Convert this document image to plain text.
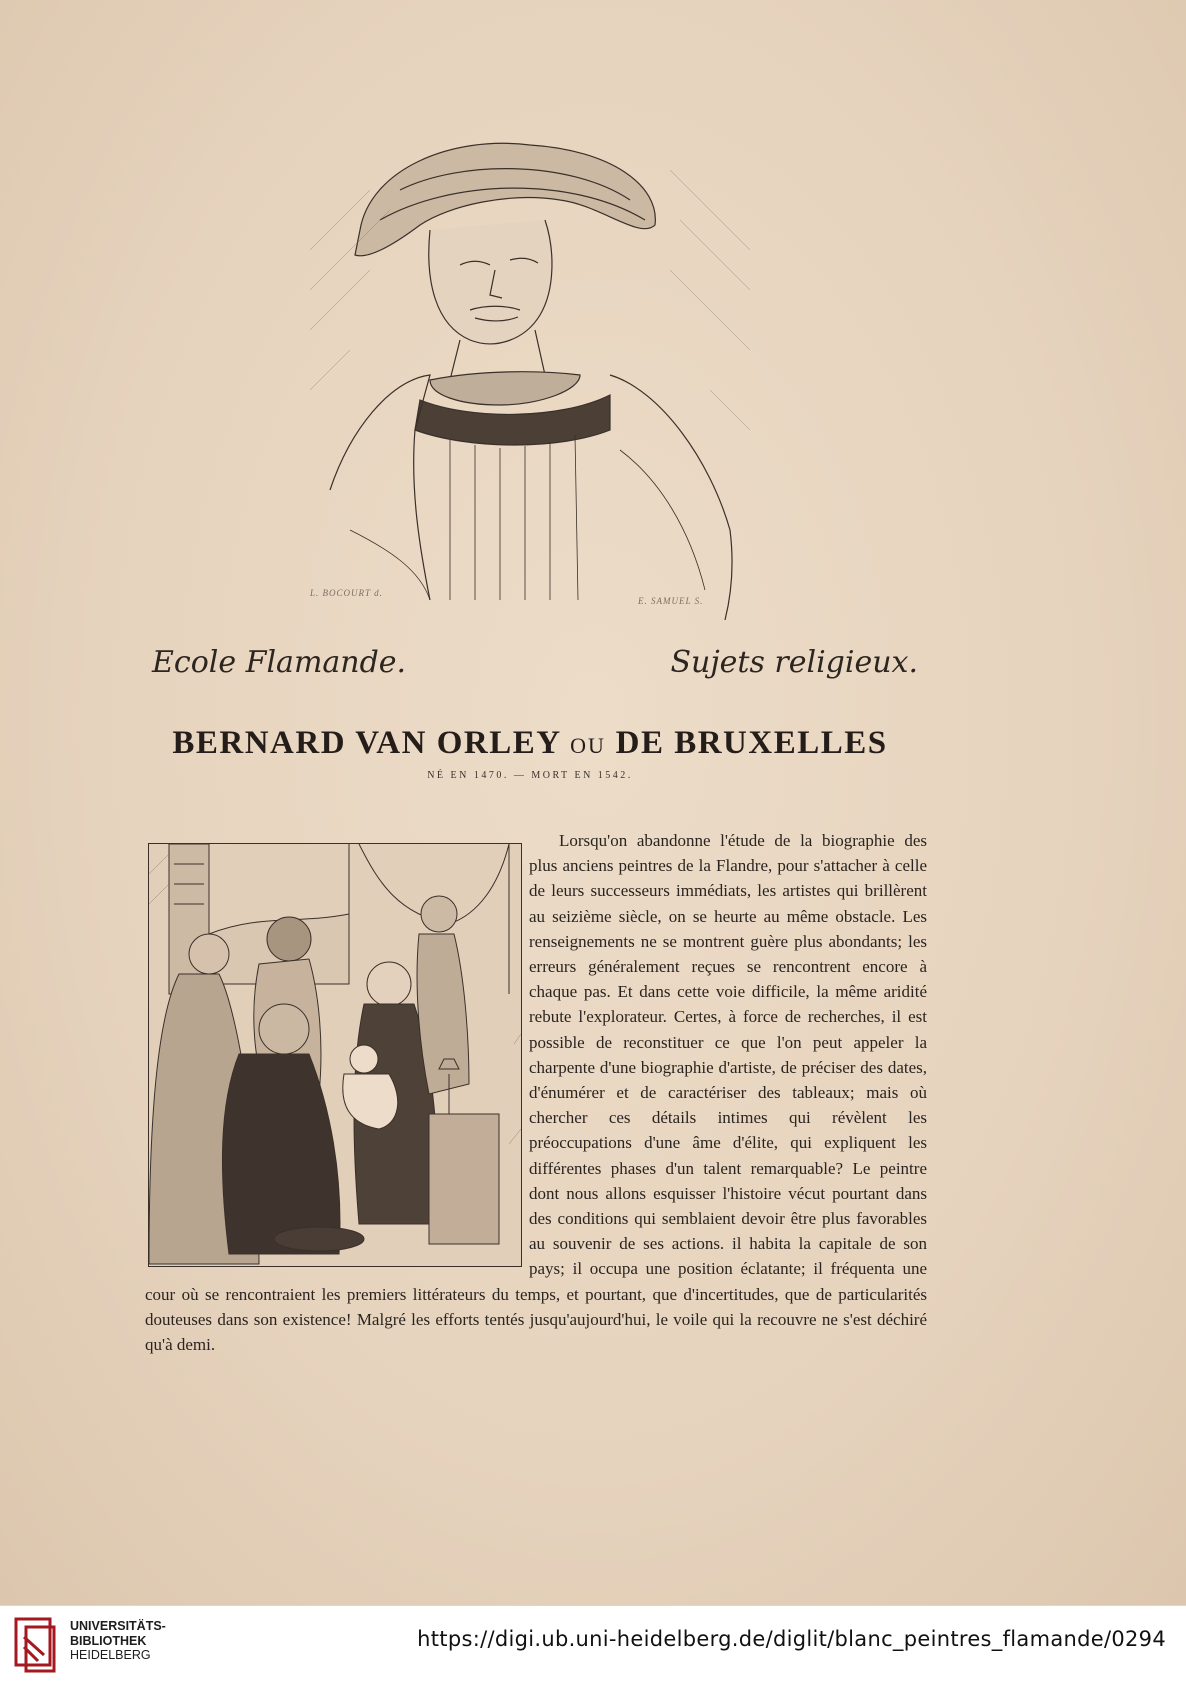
L. BOCOURT d.
E. SAMUEL S.
Ecole Flamande.	Sujets religieux.
BERNARD VAN ORLEY OU DE BRUXELLES
NÉ EN 1470. — MORT EN 1542.

Lorsqu'on abandonne l'étude de la biographie des plus anciens peintres de la Flandre, pour s'attacher à celle de leurs successeurs immédiats, les artistes qui brillèrent au seizième siècle, on se heurte au même obstacle. Les renseignements ne se montrent guère plus abondants; les erreurs généralement reçues se rencontrent encore à chaque pas. Et dans cette voie difficile, la même aridité rebute l'explorateur. Certes, à force de recherches, il est possible de reconstituer ce que l'on peut appeler la charpente d'une biographie d'artiste, de préciser des dates, d'énumérer et de caractériser des tableaux; mais où chercher ces détails intimes qui révèlent les préoccupations d'une âme d'élite, qui expliquent les différentes phases d'un talent remarquable? Le peintre dont nous allons esquisser l'histoire vécut pourtant dans des conditions qui semblaient devoir être plus favorables au souvenir de ses actions. il habita la capitale de son pays; il occupa une position éclatante; il fréquenta une cour où se rencontraient les premiers littérateurs du temps, et pourtant, que d'incertitudes, que de particularités douteuses dans son existence! Malgré les efforts tentés jusqu'aujourd'hui, le voile qui la recouvre ne s'est déchiré qu'à demi.

UNIVERSITÄTS-
BIBLIOTHEK
HEIDELBERG
https://digi.ub.uni-heidelberg.de/diglit/blanc_peintres_flamande/0294
